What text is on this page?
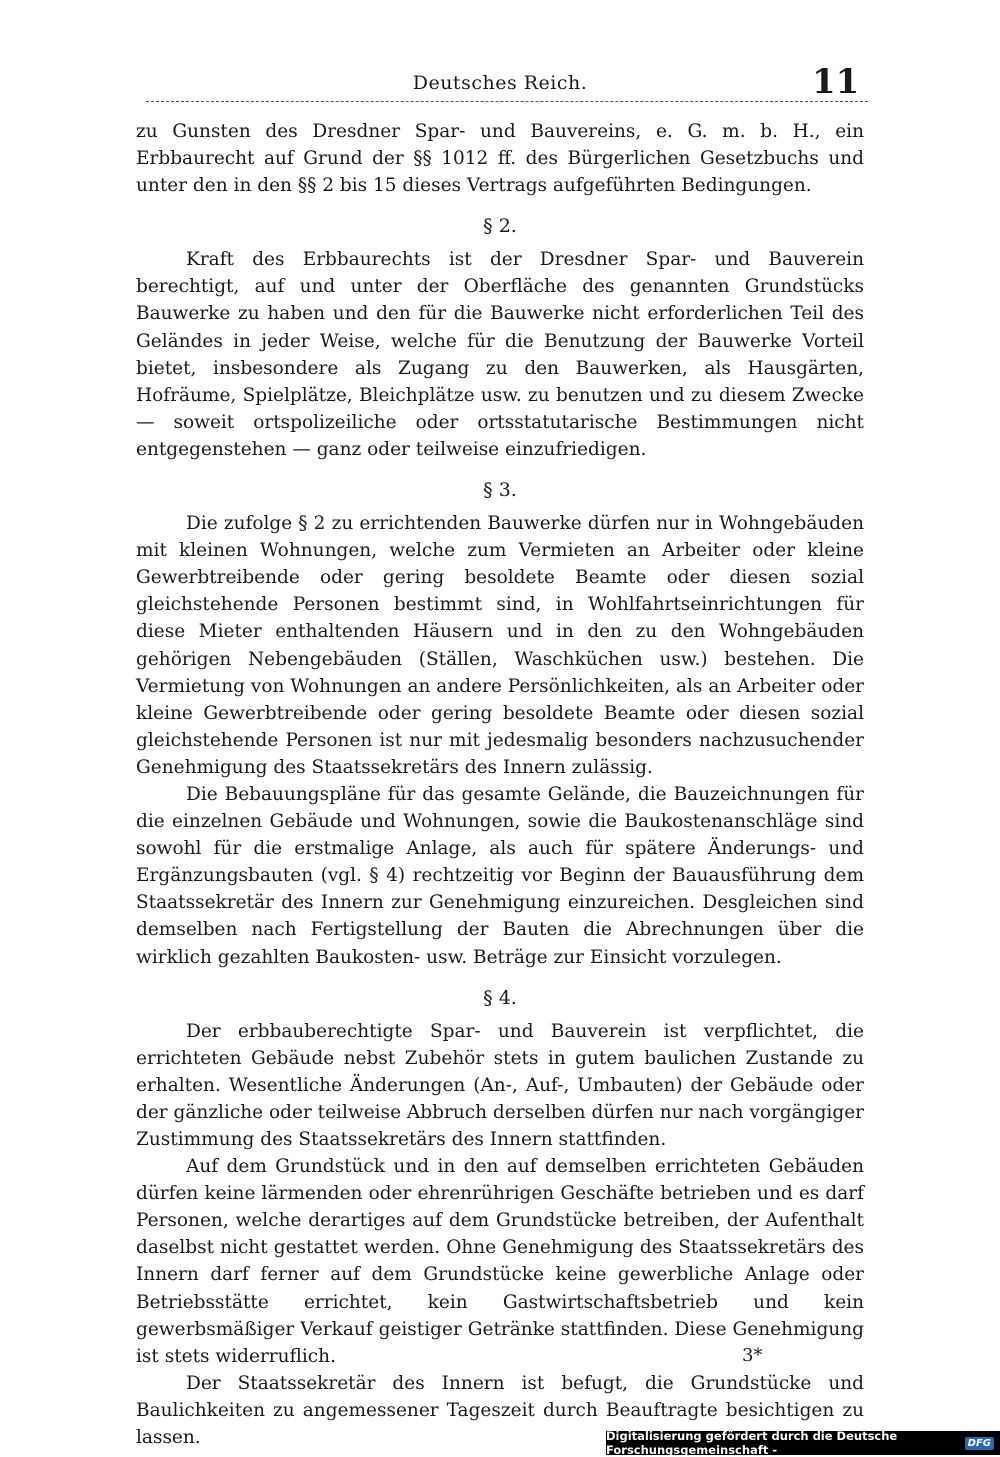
Deutsches Reich.	11

zu Gunsten des Dresdner Spar- und Bauvereins, e. G. m. b. H., ein Erbbaurecht auf Grund der §§ 1012 ff. des Bürgerlichen Gesetzbuchs und unter den in den §§ 2 bis 15 dieses Vertrags aufgeführten Bedingungen.

§ 2.

Kraft des Erbbaurechts ist der Dresdner Spar- und Bauverein berechtigt, auf und unter der Oberfläche des genannten Grundstücks Bauwerke zu haben und den für die Bauwerke nicht erforderlichen Teil des Geländes in jeder Weise, welche für die Benutzung der Bauwerke Vorteil bietet, insbesondere als Zugang zu den Bauwerken, als Hausgärten, Hofräume, Spielplätze, Bleichplätze usw. zu benutzen und zu diesem Zwecke — soweit ortspolizeiliche oder ortsstatutarische Bestimmungen nicht entgegenstehen — ganz oder teilweise einzufriedigen.

§ 3.

Die zufolge § 2 zu errichtenden Bauwerke dürfen nur in Wohngebäuden mit kleinen Wohnungen, welche zum Vermieten an Arbeiter oder kleine Gewerbtreibende oder gering besoldete Beamte oder diesen sozial gleichstehende Personen bestimmt sind, in Wohlfahrtseinrichtungen für diese Mieter enthaltenden Häusern und in den zu den Wohngebäuden gehörigen Nebengebäuden (Ställen, Waschküchen usw.) bestehen. Die Vermietung von Wohnungen an andere Persönlichkeiten, als an Arbeiter oder kleine Gewerbtreibende oder gering besoldete Beamte oder diesen sozial gleichstehende Personen ist nur mit jedesmalig besonders nachzusuchender Genehmigung des Staatssekretärs des Innern zulässig.

Die Bebauungspläne für das gesamte Gelände, die Bauzeichnungen für die einzelnen Gebäude und Wohnungen, sowie die Baukostenanschläge sind sowohl für die erstmalige Anlage, als auch für spätere Änderungs- und Ergänzungsbauten (vgl. § 4) rechtzeitig vor Beginn der Bauausführung dem Staatssekretär des Innern zur Genehmigung einzureichen. Desgleichen sind demselben nach Fertigstellung der Bauten die Abrechnungen über die wirklich gezahlten Baukosten- usw. Beträge zur Einsicht vorzulegen.

§ 4.

Der erbbauberechtigte Spar- und Bauverein ist verpflichtet, die errichteten Gebäude nebst Zubehör stets in gutem baulichen Zustande zu erhalten. Wesentliche Änderungen (An-, Auf-, Umbauten) der Gebäude oder der gänzliche oder teilweise Abbruch derselben dürfen nur nach vorgängiger Zustimmung des Staatssekretärs des Innern stattfinden.

Auf dem Grundstück und in den auf demselben errichteten Gebäuden dürfen keine lärmenden oder ehrenrührigen Geschäfte betrieben und es darf Personen, welche derartiges auf dem Grundstücke betreiben, der Aufenthalt daselbst nicht gestattet werden. Ohne Genehmigung des Staatssekretärs des Innern darf ferner auf dem Grundstücke keine gewerbliche Anlage oder Betriebsstätte errichtet, kein Gastwirtschaftsbetrieb und kein gewerbsmäßiger Verkauf geistiger Getränke stattfinden. Diese Genehmigung ist stets widerruflich.

Der Staatssekretär des Innern ist befugt, die Grundstücke und Baulichkeiten zu angemessener Tageszeit durch Beauftragte besichtigen zu lassen.

3*
Digitalisierung gefördert durch die Deutsche Forschungsgemeinschaft -	DFG
